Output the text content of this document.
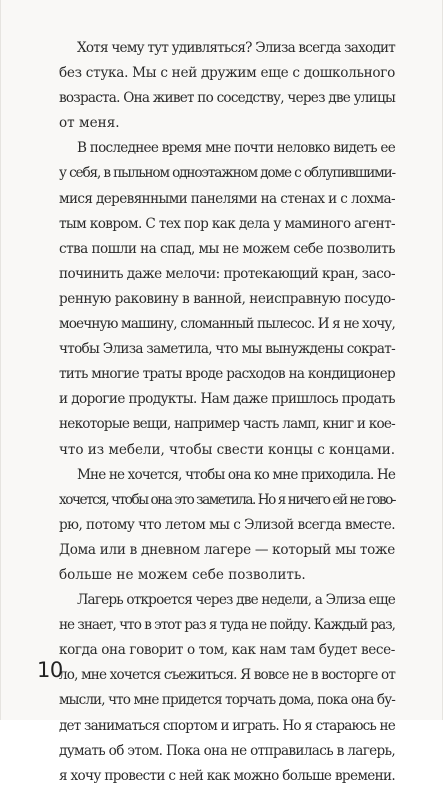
Хотя чему тут удивляться? Элиза всегда заходит
без стука. Мы с ней дружим еще с дошкольного
возраста. Она живет по соседству, через две улицы
от меня.
В последнее время мне почти неловко видеть ее
у себя, в пыльном одноэтажном доме с облупившими-
мися деревянными панелями на стенах и с лохма-
тым ковром. С тех пор как дела у маминого агент-
ства пошли на спад, мы не можем себе позволить
починить даже мелочи: протекающий кран, засо-
ренную раковину в ванной, неисправную посудо-
моечную машину, сломанный пылесос. И я не хочу,
чтобы Элиза заметила, что мы вынуждены сократ-
тить многие траты вроде расходов на кондиционер
и дорогие продукты. Нам даже пришлось продать
некоторые вещи, например часть ламп, книг и кое-
что из мебели, чтобы свести концы с концами.
Мне не хочется, чтобы она ко мне приходила. Не
хочется, чтобы она это заметила. Но я ничего ей не гово-
рю, потому что летом мы с Элизой всегда вместе.
Дома или в дневном лагере — который мы тоже
больше не можем себе позволить.
Лагерь откроется через две недели, а Элиза еще
не знает, что в этот раз я туда не пойду. Каждый раз,
когда она говорит о том, как нам там будет весе-
ло, мне хочется съежиться. Я вовсе не в восторге от
мысли, что мне придется торчать дома, пока она бу-
дет заниматься спортом и играть. Но я стараюсь не
думать об этом. Пока она не отправилась в лагерь,
я хочу провести с ней как можно больше времени.
10
